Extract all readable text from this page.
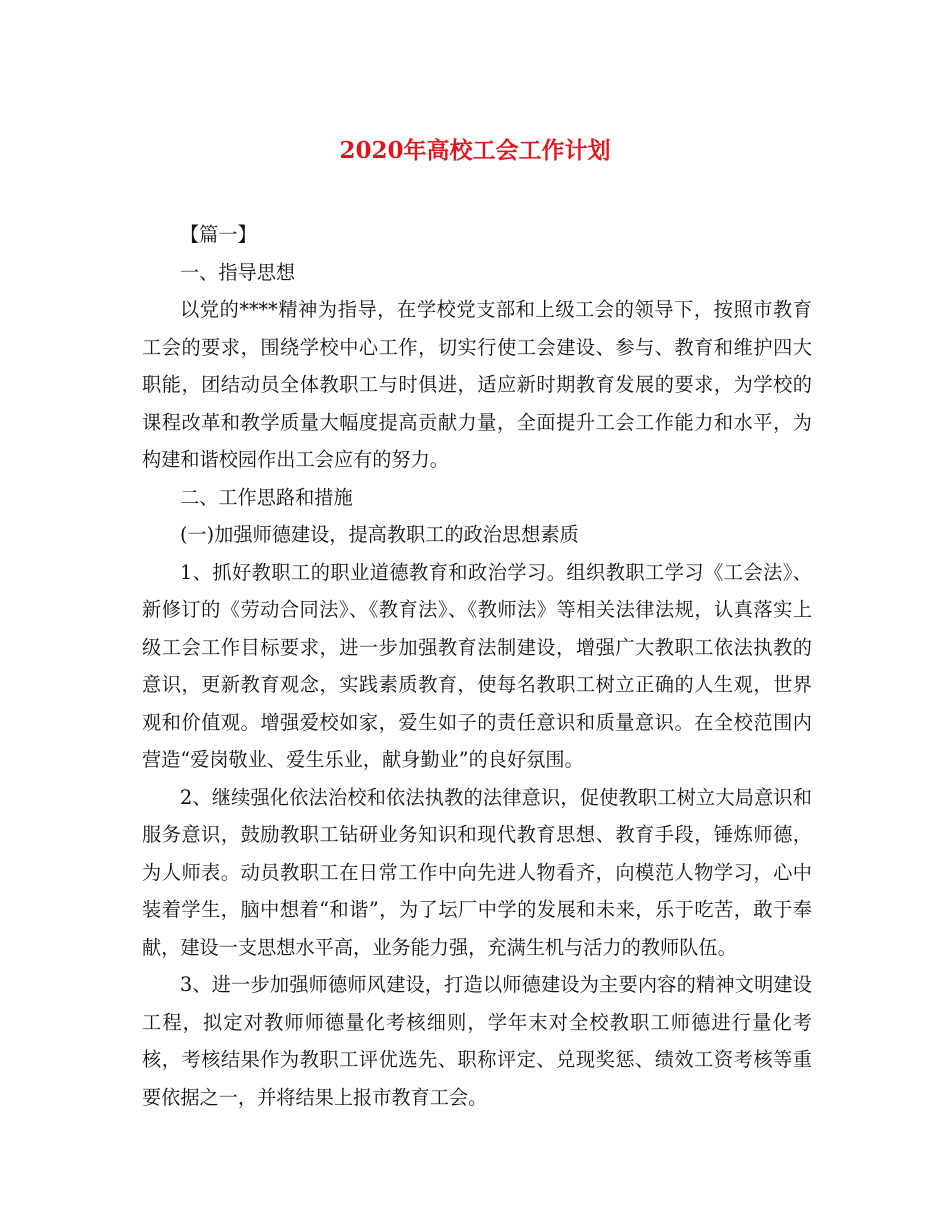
2020年高校工会工作计划

【篇一】

一、指导思想

以党的****精神为指导，在学校党支部和上级工会的领导下，按照市教育工会的要求，围绕学校中心工作，切实行使工会建设、参与、教育和维护四大职能，团结动员全体教职工与时俱进，适应新时期教育发展的要求，为学校的课程改革和教学质量大幅度提高贡献力量，全面提升工会工作能力和水平，为构建和谐校园作出工会应有的努力。

二、工作思路和措施

(一)加强师德建设，提高教职工的政治思想素质

1、抓好教职工的职业道德教育和政治学习。组织教职工学习《工会法》、新修订的《劳动合同法》、《教育法》、《教师法》等相关法律法规，认真落实上级工会工作目标要求，进一步加强教育法制建设，增强广大教职工依法执教的意识，更新教育观念，实践素质教育，使每名教职工树立正确的人生观，世界观和价值观。增强爱校如家，爱生如子的责任意识和质量意识。在全校范围内营造“爱岗敬业、爱生乐业，献身勤业”的良好氛围。

2、继续强化依法治校和依法执教的法律意识，促使教职工树立大局意识和服务意识，鼓励教职工钻研业务知识和现代教育思想、教育手段，锤炼师德，为人师表。动员教职工在日常工作中向先进人物看齐，向模范人物学习，心中装着学生，脑中想着“和谐”，为了坛厂中学的发展和未来，乐于吃苦，敢于奉献，建设一支思想水平高，业务能力强，充满生机与活力的教师队伍。

3、进一步加强师德师风建设，打造以师德建设为主要内容的精神文明建设工程，拟定对教师师德量化考核细则，学年末对全校教职工师德进行量化考核，考核结果作为教职工评优选先、职称评定、兑现奖惩、绩效工资考核等重要依据之一，并将结果上报市教育工会。
